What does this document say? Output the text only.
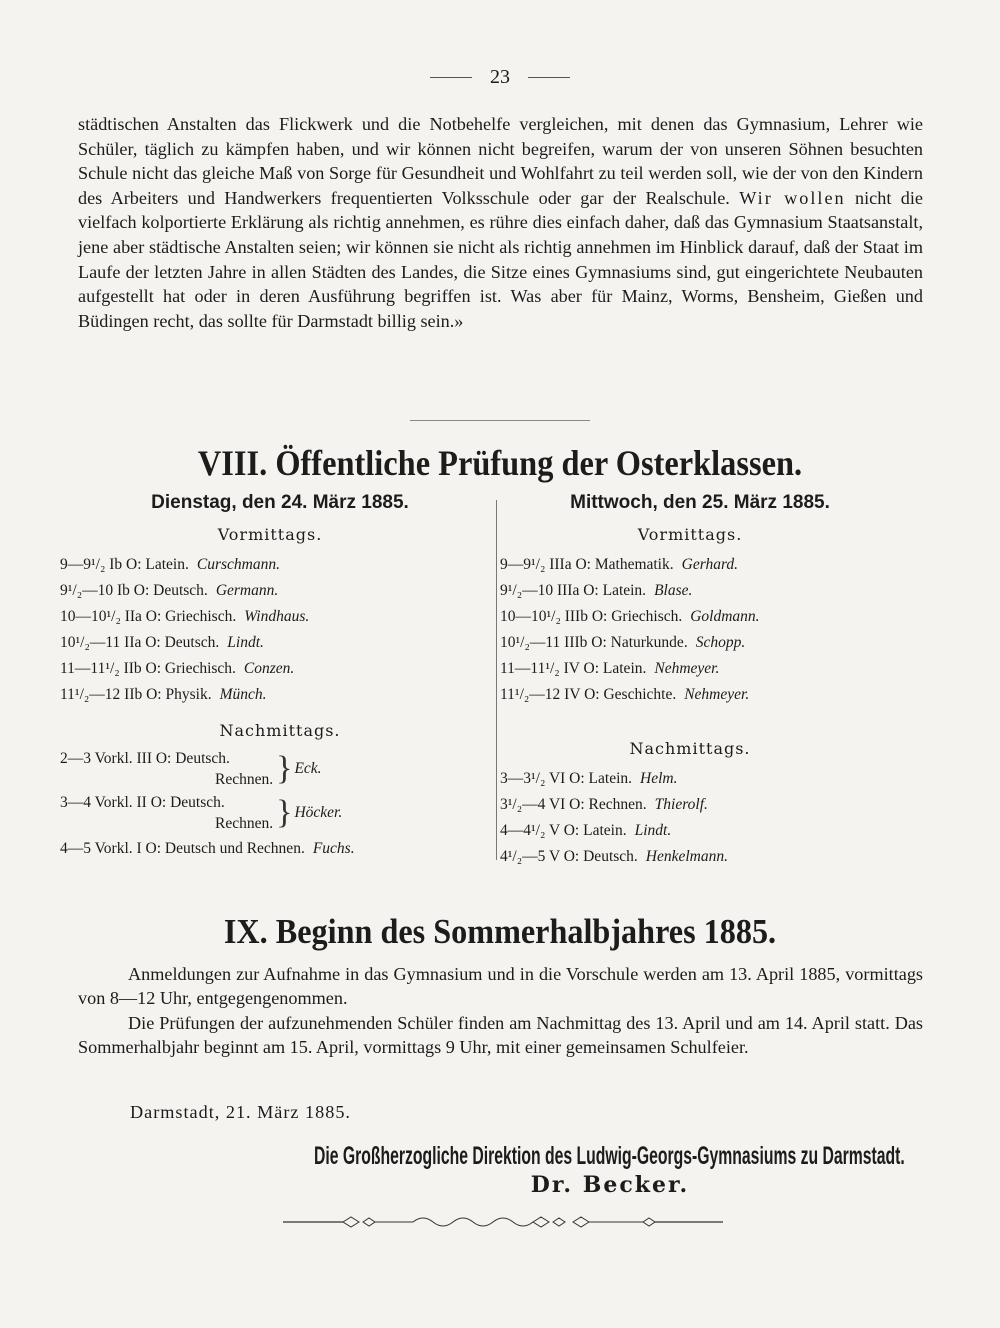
23

städtischen Anstalten das Flickwerk und die Notbehelfe vergleichen, mit denen das Gymnasium, Lehrer wie Schüler, täglich zu kämpfen haben, und wir können nicht begreifen, warum der von unseren Söhnen besuchten Schule nicht das gleiche Maß von Sorge für Gesundheit und Wohlfahrt zu teil werden soll, wie der von den Kindern des Arbeiters und Handwerkers frequentierten Volksschule oder gar der Realschule. Wir wollen nicht die vielfach kolportierte Erklärung als richtig annehmen, es rühre dies einfach daher, daß das Gymnasium Staatsanstalt, jene aber städtische Anstalten seien; wir können sie nicht als richtig annehmen im Hinblick darauf, daß der Staat im Laufe der letzten Jahre in allen Städten des Landes, die Sitze eines Gymnasiums sind, gut eingerichtete Neubauten aufgestellt hat oder in deren Ausführung begriffen ist. Was aber für Mainz, Worms, Bensheim, Gießen und Büdingen recht, das sollte für Darmstadt billig sein.»

VIII. Öffentliche Prüfung der Osterklassen.
Dienstag, den 24. März 1885.
Vormittags.
9—9¹/₂ Ib O: Latein. Curschmann.
9¹/₂—10 Ib O: Deutsch. Germann.
10—10¹/₂ IIa O: Griechisch. Windhaus.
10¹/₂—11 IIa O: Deutsch. Lindt.
11—11¹/₂ IIb O: Griechisch. Conzen.
11¹/₂—12 IIb O: Physik. Münch.
Nachmittags.
2—3 Vorkl. III O: Deutsch.
Rechnen. } Eck.
3—4 Vorkl. II O: Deutsch.
Rechnen. } Höcker.
4—5 Vorkl. I O: Deutsch und Rechnen. Fuchs.
Mittwoch, den 25. März 1885.
Vormittags.
9—9¹/₂ IIIa O: Mathematik. Gerhard.
9¹/₂—10 IIIa O: Latein. Blase.
10—10¹/₂ IIIb O: Griechisch. Goldmann.
10¹/₂—11 IIIb O: Naturkunde. Schopp.
11—11¹/₂ IV O: Latein. Nehmeyer.
11¹/₂—12 IV O: Geschichte. Nehmeyer.
Nachmittags.
3—3¹/₂ VI O: Latein. Helm.
3¹/₂—4 VI O: Rechnen. Thierolf.
4—4¹/₂ V O: Latein. Lindt.
4¹/₂—5 V O: Deutsch. Henkelmann.
IX. Beginn des Sommerhalbjahres 1885.

Anmeldungen zur Aufnahme in das Gymnasium und in die Vorschule werden am 13. April 1885, vormittags von 8—12 Uhr, entgegengenommen.

Die Prüfungen der aufzunehmenden Schüler finden am Nachmittag des 13. April und am 14. April statt. Das Sommerhalbjahr beginnt am 15. April, vormittags 9 Uhr, mit einer gemeinsamen Schulfeier.

Darmstadt, 21. März 1885.
Die Großherzogliche Direktion des Ludwig-Georgs-Gymnasiums zu Darmstadt.
Dr. Becker.
